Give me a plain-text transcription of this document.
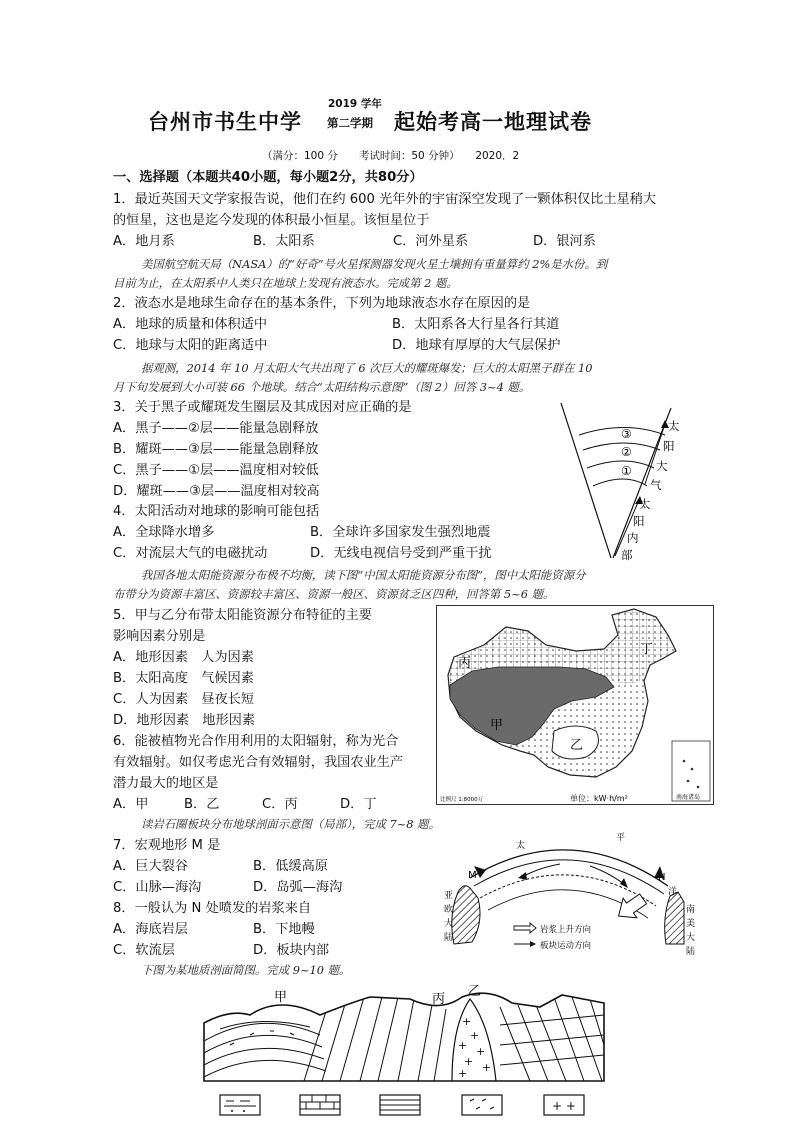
台州市书生中学
2019 学年
第二学期 起始考高一地理试卷
（满分：100 分　　考试时间：50 分钟）　　2020．2
一、选择题（本题共40小题，每小题2分，共80分）
1．最近英国天文学家报告说，他们在约 600 光年外的宇宙深空发现了一颗体积仅比土星稍大
的恒星，这也是迄今发现的体积最小恒星。该恒星位于
A．地月系	B．太阳系	C．河外星系	D．银河系
美国航空航天局（NASA）的“好奇”号火星探测器发现火星土壤拥有重量算约 2%是水份。到
目前为止，在太阳系中人类只在地球上发现有液态水。完成第 2 题。
2．液态水是地球生命存在的基本条件，下列为地球液态水存在原因的是
A．地球的质量和体积适中	B．太阳系各大行星各行其道
C．地球与太阳的距离适中	D．地球有厚厚的大气层保护
据观测，2014 年 10 月太阳大气共出现了 6 次巨大的耀斑爆发；巨大的太阳黑子群在 10
月下旬发展到大小可装 66 个地球。结合“太阳结构示意图”（图 2）回答 3~4 题。
3．关于黑子或耀斑发生圈层及其成因对应正确的是
A．黑子——②层——能量急剧释放
B．耀斑——③层——能量急剧释放
C．黑子——①层——温度相对较低
D．耀斑——③层——温度相对较高
4．太阳活动对地球的影响可能包括
A．全球降水增多	B．全球许多国家发生强烈地震
C．对流层大气的电磁扰动	D．无线电视信号受到严重干扰
③
②
①
太
阳
大
气
太
阳
内
部
我国各地太阳能资源分布极不均衡，读下图“中国太阳能资源分布图”，图中太阳能资源分
布带分为资源丰富区、资源较丰富区、资源一般区、资源贫乏区四种，回答第 5~6 题。
5．甲与乙分布带太阳能资源分布特征的主要
影响因素分别是
A．地形因素　人为因素
B．太阳高度　气候因素
C．人为因素　昼夜长短
D．地形因素　地形因素
6．能被植物光合作用利用的太阳辐射，称为光合
有效辐射。如仅考虑光合有效辐射，我国农业生产
潜力最大的地区是
A．甲	B．乙	C．丙	D．丁	南海诸岛
丙
丁
甲
乙
单位：kW·h/m²
比例尺 1:8000万
读岩石圈板块分布地球剖面示意图（局部），完成 7~8 题。
7．宏观地形 M 是
A．巨大裂谷	B．低缓高原
C．山脉—海沟	D．岛弧—海沟
8．一般认为 N 处喷发的岩浆来自
A．海底岩层	B．下地幔
C．软流层	D．板块内部
M	N
太
平
洋
亚
欧
大
陆
南
美
大
陆
岩浆上升方向
板块运动方向
下图为某地质剖面简图。完成 9~10 题。
甲	丙
乙
+
+
+ +
+ +
+
+ +
